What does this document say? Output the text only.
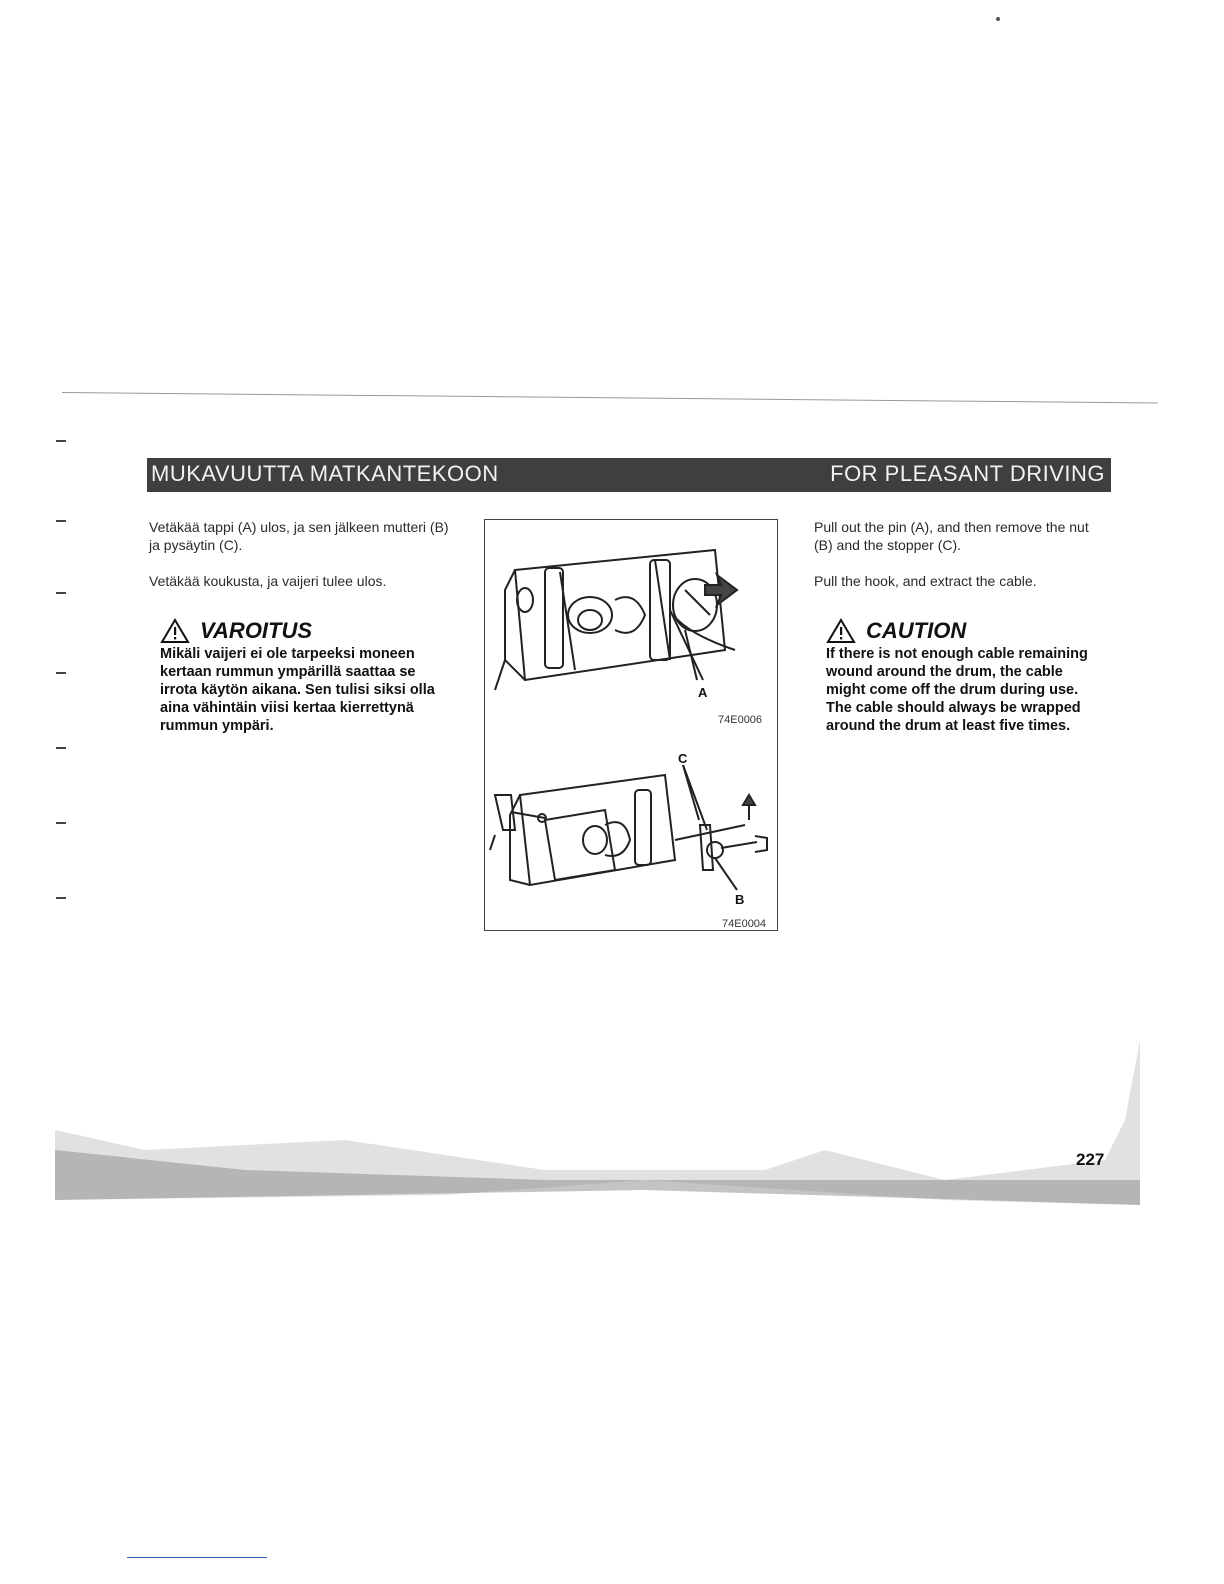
MUKAVUUTTA MATKANTEKOON	FOR PLEASANT DRIVING
Vetäkää tappi (A) ulos, ja sen jälkeen mutteri (B) ja pysäytin (C).
Vetäkää koukusta, ja vaijeri tulee ulos.
VAROITUS
Mikäli vaijeri ei ole tarpeeksi moneen kertaan rummun ympärillä saattaa se irrota käytön aikana. Sen tulisi siksi olla aina vähintäin viisi kertaa kierrettynä rummun ympäri.
A
74E0006
C
B
74E0004
Pull out the pin (A), and then remove the nut (B) and the stopper (C).
Pull the hook, and extract the cable.
CAUTION
If there is not enough cable remaining wound around the drum, the cable might come off the drum during use. The cable should always be wrapped around the drum at least five times.
227
